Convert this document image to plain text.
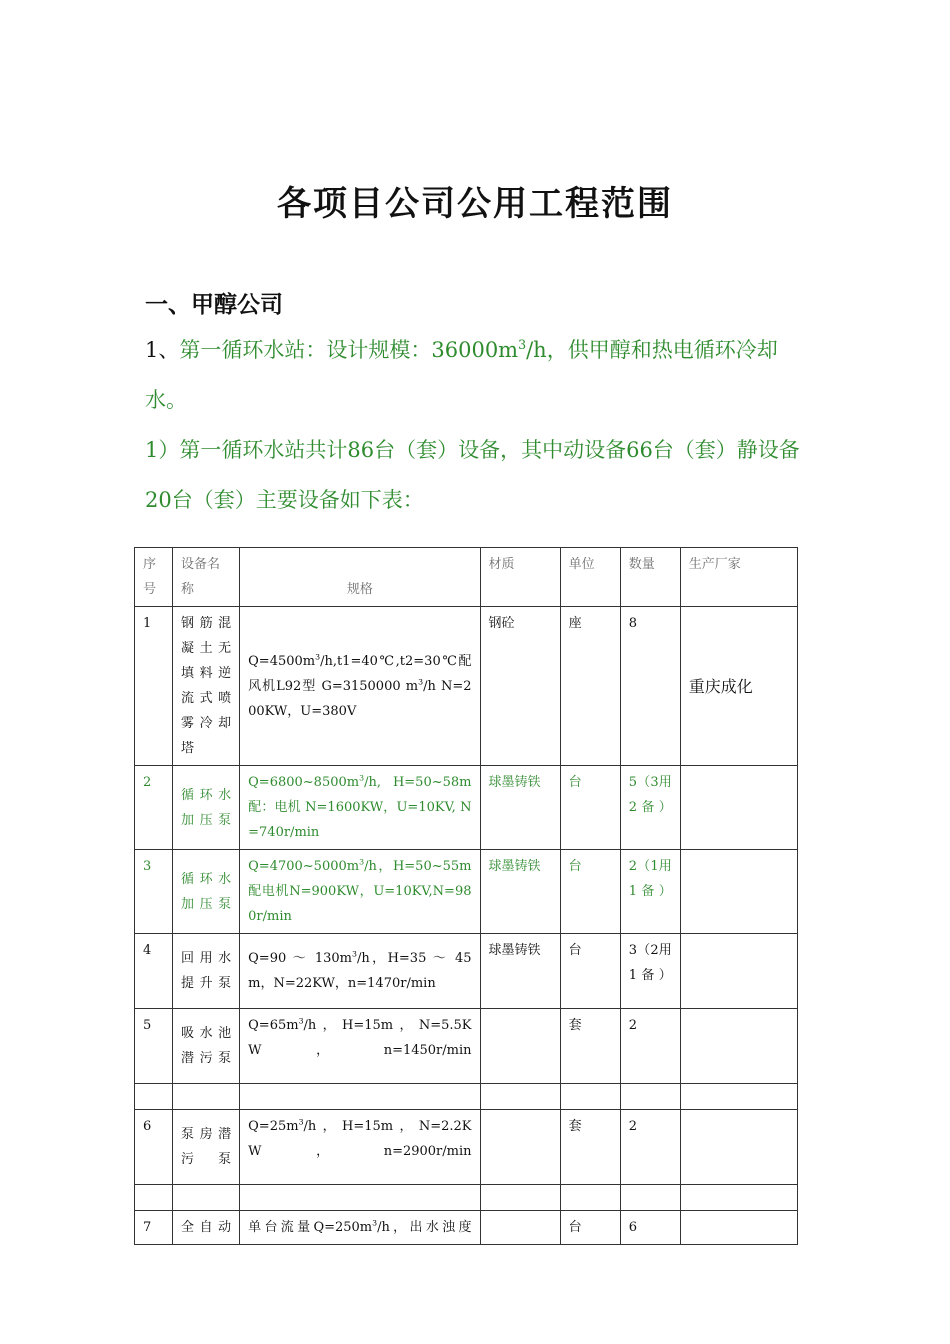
各项目公司公用工程范围
一、甲醇公司
1、第一循环水站：设计规模：$36000m^3/h$，供甲醇和热电循环冷却水。
1）第一循环水站共计86台（套）设备，其中动设备66台（套）静设备20台（套）主要设备如下表：
序号	设备名称	规格	材质	单位	数量	生产厂家
1	钢筋混凝土无填料逆流式喷雾冷却塔	$Q=4500m^3/h,t1=40℃,t2=30℃$配风机L92型 G=3150000 $m^3/h$ N=200KW，U=380V	钢砼	座	8	重庆成化
2	循环水加压泵	$Q=6800\sim 8500m^3/h$, H=50~58m 配：电机 N=1600KW，U=10KV, N=740r/min	球墨铸铁	台	5（3用2备）	
3	循环水加压泵	$Q=4700\sim 5000m^3/h$，H=50~55m配电机N=900KW，U=10KV,N=980r/min	球墨铸铁	台	2（1用1备）	
4	回用水提升泵	Q=90 ～ $130m^3/h$，H=35 ～ 45m，N=22KW，n=1470r/min	球墨铸铁	台	3（2用1备）	
5	吸水池潜污泵	$Q=65m^3/h$，H=15m，N=5.5KW，n=1450r/min		套	2	

6	泵房潜污泵	$Q=25m^3/h$，H=15m，N=2.2KW，n=2900r/min		套	2	

7	全自动	单台流量$Q=250m^3/h$，出水浊度		台	6	
